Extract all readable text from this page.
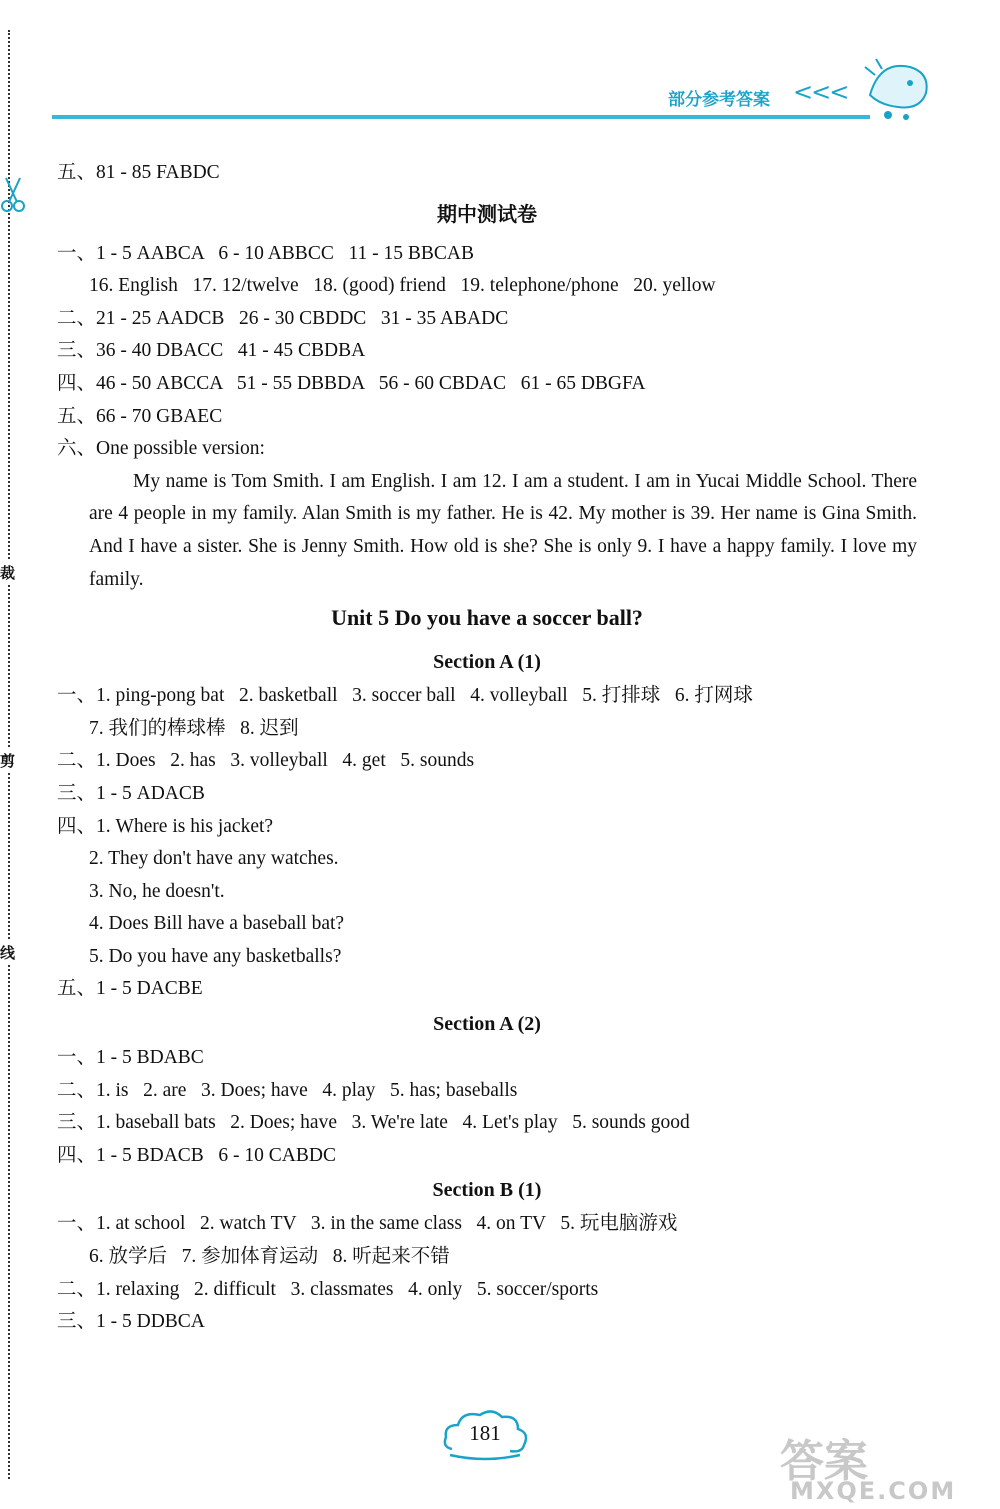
裁
剪
线
部分参考答案 <<<
五、81 - 85 FABDC
期中测试卷
一、1 - 5 AABCA   6 - 10 ABBCC   11 - 15 BBCAB
16. English   17. 12/twelve   18. (good) friend   19. telephone/phone   20. yellow
二、21 - 25 AADCB   26 - 30 CBDDC   31 - 35 ABADC
三、36 - 40 DBACC   41 - 45 CBDBA
四、46 - 50 ABCCA   51 - 55 DBBDA   56 - 60 CBDAC   61 - 65 DBGFA
五、66 - 70 GBAEC
六、One possible version:
My name is Tom Smith. I am English. I am 12. I am a student. I am in Yucai Middle School. There are 4 people in my family. Alan Smith is my father. He is 42. My mother is 39. Her name is Gina Smith. And I have a sister. She is Jenny Smith. How old is she? She is only 9. I have a happy family. I love my family.
Unit 5 Do you have a soccer ball?
Section A (1)
一、1. ping-pong bat   2. basketball   3. soccer ball   4. volleyball   5. 打排球   6. 打网球
7. 我们的棒球棒   8. 迟到
二、1. Does   2. has   3. volleyball   4. get   5. sounds
三、1 - 5 ADACB
四、1. Where is his jacket?
2. They don't have any watches.
3. No, he doesn't.
4. Does Bill have a baseball bat?
5. Do you have any basketballs?
五、1 - 5 DACBE
Section A (2)
一、1 - 5 BDABC
二、1. is   2. are   3. Does; have   4. play   5. has; baseballs
三、1. baseball bats   2. Does; have   3. We're late   4. Let's play   5. sounds good
四、1 - 5 BDACB   6 - 10 CABDC
Section B (1)
一、1. at school   2. watch TV   3. in the same class   4. on TV   5. 玩电脑游戏
6. 放学后   7. 参加体育运动   8. 听起来不错
二、1. relaxing   2. difficult   3. classmates   4. only   5. soccer/sports
三、1 - 5 DDBCA
181
答案
MXQE.COM
